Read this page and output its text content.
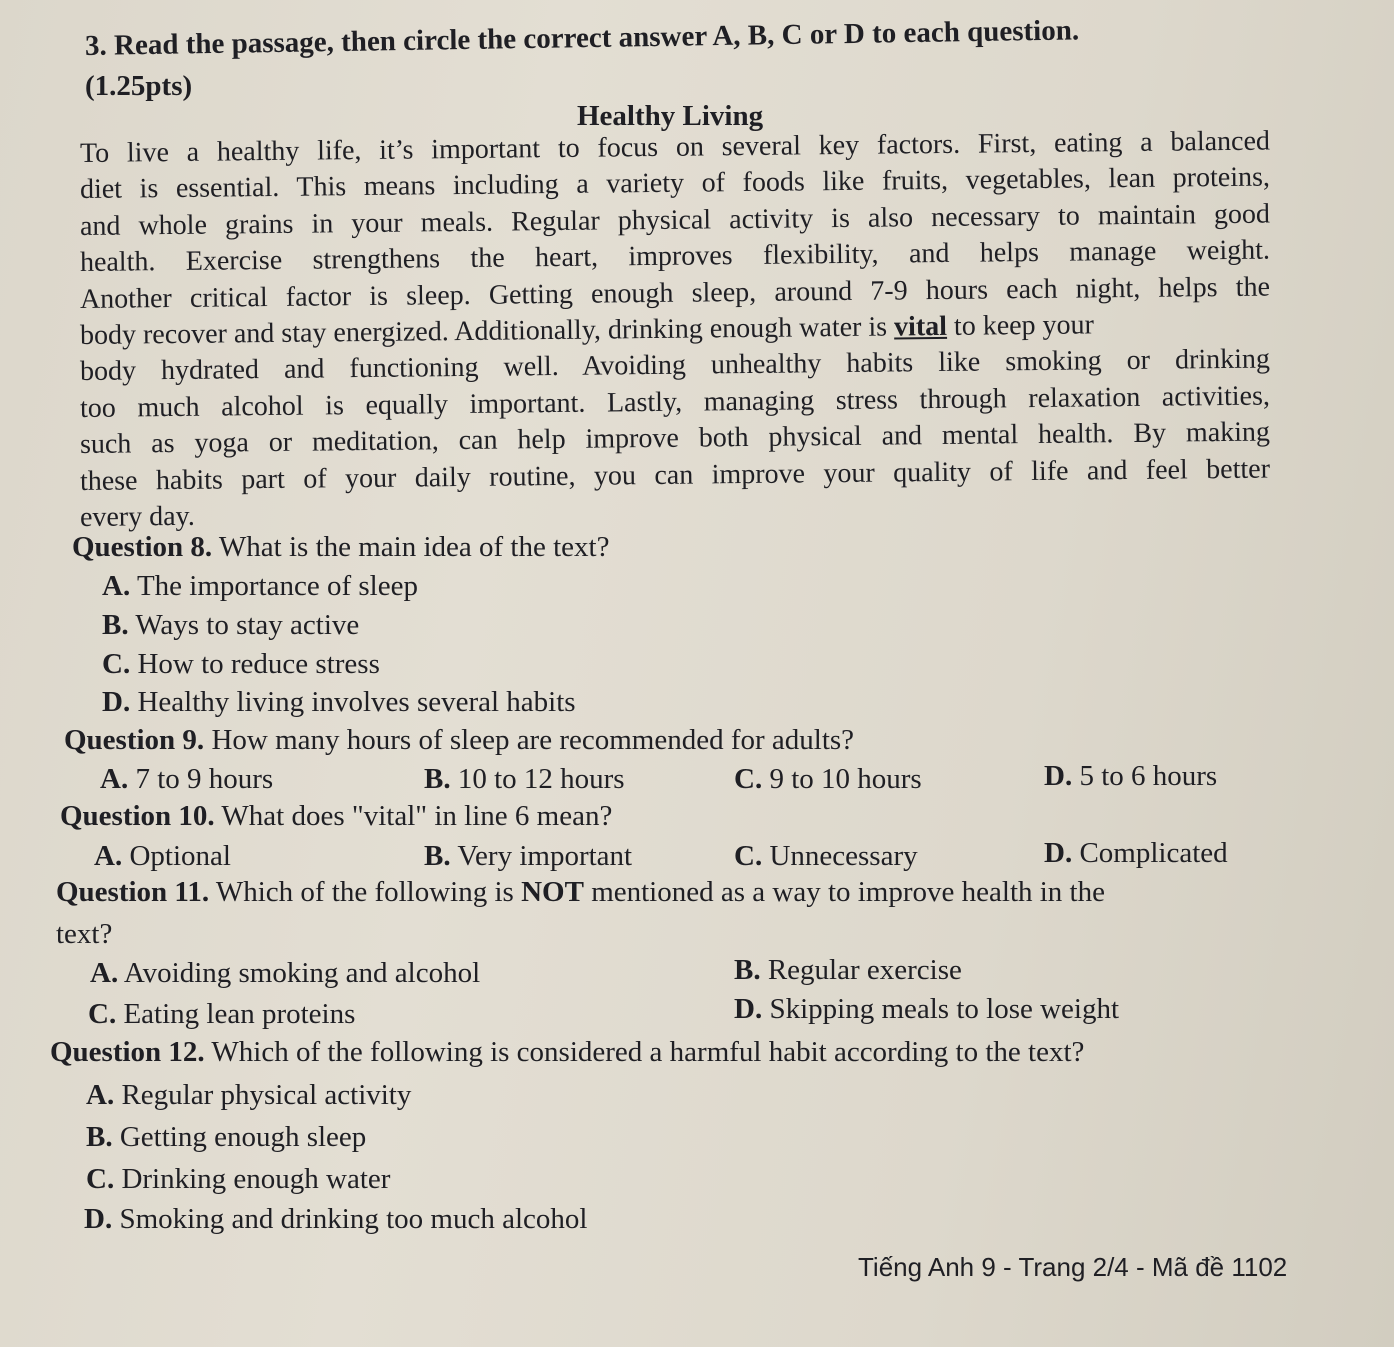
3. Read the passage, then circle the correct answer A, B, C or D to each question.
(1.25pts)
Healthy Living
To live a healthy life, it’s important to focus on several key factors. First, eating a balanced
diet is essential. This means including a variety of foods like fruits, vegetables, lean proteins,
and whole grains in your meals. Regular physical activity is also necessary to maintain good
health. Exercise strengthens the heart, improves flexibility, and helps manage weight.
Another critical factor is sleep. Getting enough sleep, around 7-9 hours each night, helps the
body recover and stay energized. Additionally, drinking enough water is vital to keep your
body hydrated and functioning well. Avoiding unhealthy habits like smoking or drinking
too much alcohol is equally important. Lastly, managing stress through relaxation activities,
such as yoga or meditation, can help improve both physical and mental health. By making
these habits part of your daily routine, you can improve your quality of life and feel better
every day.
Question 8. What is the main idea of the text?
A. The importance of sleep
B. Ways to stay active
C. How to reduce stress
D. Healthy living involves several habits
Question 9. How many hours of sleep are recommended for adults?
A. 7 to 9 hours	B. 10 to 12 hours	C. 9 to 10 hours	D. 5 to 6 hours
Question 10. What does "vital" in line 6 mean?
A. Optional	B. Very important	C. Unnecessary	D. Complicated
Question 11. Which of the following is NOT mentioned as a way to improve health in the
text?
A. Avoiding smoking and alcohol	B. Regular exercise
C. Eating lean proteins	D. Skipping meals to lose weight
Question 12. Which of the following is considered a harmful habit according to the text?
A. Regular physical activity
B. Getting enough sleep
C. Drinking enough water
D. Smoking and drinking too much alcohol
Tiếng Anh 9 - Trang 2/4 - Mã đề 1102
